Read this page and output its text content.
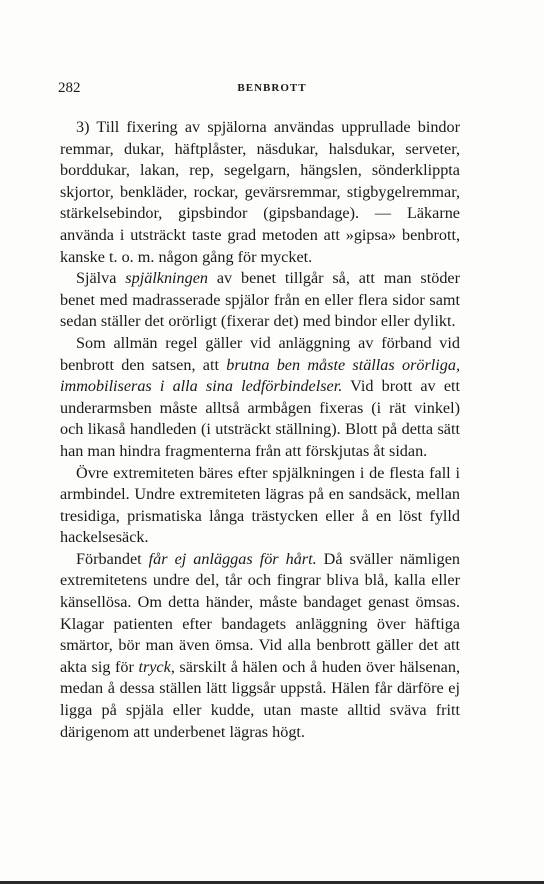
282	BENBROTT

3) Till fixering av spjälorna användas upprullade bindor remmar, dukar, häftplåster, näsdukar, halsdukar, serveter, borddukar, lakan, rep, segelgarn, hängslen, sönderklippta skjortor, benkläder, rockar, gevärsremmar, stigbygelremmar, stärkelsebindor, gipsbindor (gipsbandage). — Läkarne använda i utsträckt taste grad metoden att »gipsa» benbrott, kanske t. o. m. någon gång för mycket.

Själva spjälkningen av benet tillgår så, att man stöder benet med madrasserade spjälor från en eller flera sidor samt sedan ställer det orörligt (fixerar det) med bindor eller dylikt.

Som allmän regel gäller vid anläggning av förband vid benbrott den satsen, att brutna ben måste ställas orörliga, immobiliseras i alla sina ledförbindelser. Vid brott av ett underarmsben måste alltså armbågen fixeras (i rät vinkel) och likaså handleden (i utsträckt ställning). Blott på detta sätt han man hindra fragmenterna från att förskjutas åt sidan.

Övre extremiteten bäres efter spjälkningen i de flesta fall i armbindel. Undre extremiteten lägras på en sandsäck, mellan tresidiga, prismatiska långa trästycken eller å en löst fylld hackelsesäck.

Förbandet får ej anläggas för hårt. Då sväller nämligen extremitetens undre del, tår och fingrar bliva blå, kalla eller känsellösa. Om detta händer, måste bandaget genast ömsas. Klagar patienten efter bandagets anläggning över häftiga smärtor, bör man även ömsa. Vid alla benbrott gäller det att akta sig för tryck, särskilt å hälen och å huden över hälsenan, medan å dessa ställen lätt liggsår uppstå. Hälen får därföre ej ligga på spjäla eller kudde, utan maste alltid sväva fritt därigenom att underbenet lägras högt.
